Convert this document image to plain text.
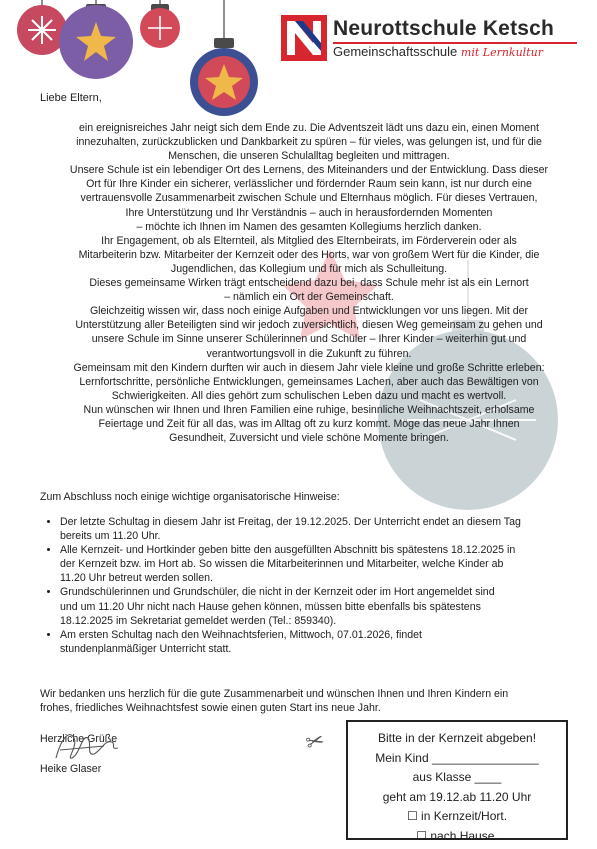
Neurottschule Ketsch
Gemeinschaftsschule mit Lernkultur
Liebe Eltern,

ein ereignisreiches Jahr neigt sich dem Ende zu. Die Adventszeit lädt uns dazu ein, einen Moment

innezuhalten, zurückzublicken und Dankbarkeit zu spüren – für vieles, was gelungen ist, und für die

Menschen, die unseren Schulalltag begleiten und mittragen.

Unsere Schule ist ein lebendiger Ort des Lernens, des Miteinanders und der Entwicklung. Dass dieser

Ort für Ihre Kinder ein sicherer, verlässlicher und fördernder Raum sein kann, ist nur durch eine

vertrauensvolle Zusammenarbeit zwischen Schule und Elternhaus möglich. Für dieses Vertrauen,

Ihre Unterstützung und Ihr Verständnis – auch in herausfordernden Momenten

– möchte ich Ihnen im Namen des gesamten Kollegiums herzlich danken.

Ihr Engagement, ob als Elternteil, als Mitglied des Elternbeirats, im Förderverein oder als

Mitarbeiterin bzw. Mitarbeiter der Kernzeit oder des Horts, war von großem Wert für die Kinder, die

Jugendlichen, das Kollegium und für mich als Schulleitung.

Dieses gemeinsame Wirken trägt entscheidend dazu bei, dass Schule mehr ist als ein Lernort

– nämlich ein Ort der Gemeinschaft.

Gleichzeitig wissen wir, dass noch einige Aufgaben und Entwicklungen vor uns liegen. Mit der

Unterstützung aller Beteiligten sind wir jedoch zuversichtlich, diesen Weg gemeinsam zu gehen und

unsere Schule im Sinne unserer Schülerinnen und Schüler – Ihrer Kinder – weiterhin gut und

verantwortungsvoll in die Zukunft zu führen.

Gemeinsam mit den Kindern durften wir auch in diesem Jahr viele kleine und große Schritte erleben:

Lernfortschritte, persönliche Entwicklungen, gemeinsames Lachen, aber auch das Bewältigen von

Schwierigkeiten. All dies gehört zum schulischen Leben dazu und macht es wertvoll.

Nun wünschen wir Ihnen und Ihren Familien eine ruhige, besinnliche Weihnachtszeit, erholsame

Feiertage und Zeit für all das, was im Alltag oft zu kurz kommt. Möge das neue Jahr Ihnen

Gesundheit, Zuversicht und viele schöne Momente bringen.

Zum Abschluss noch einige wichtige organisatorische Hinweise:
• Der letzte Schultag in diesem Jahr ist Freitag, der 19.12.2025. Der Unterricht endet an diesem Tag
bereits um 11.20 Uhr.
• Alle Kernzeit- und Hortkinder geben bitte den ausgefüllten Abschnitt bis spätestens 18.12.2025 in
der Kernzeit bzw. im Hort ab. So wissen die Mitarbeiterinnen und Mitarbeiter, welche Kinder ab
11.20 Uhr betreut werden sollen.
• Grundschülerinnen und Grundschüler, die nicht in der Kernzeit oder im Hort angemeldet sind
und um 11.20 Uhr nicht nach Hause gehen können, müssen bitte ebenfalls bis spätestens
18.12.2025 im Sekretariat gemeldet werden (Tel.: 859340).
• Am ersten Schultag nach den Weihnachtsferien, Mittwoch, 07.01.2026, findet
stundenplanmäßiger Unterricht statt.

Wir bedanken uns herzlich für die gute Zusammenarbeit und wünschen Ihnen und Ihren Kindern ein
frohes, friedliches Weihnachtsfest sowie einen guten Start ins neue Jahr.

Herzliche Grüße
Heike Glaser
✂	Bitte in der Kernzeit abgeben!
Mein Kind ________________
aus Klasse ____
geht am 19.12.ab 11.20 Uhr
☐ in Kernzeit/Hort.
☐ nach Hause.
